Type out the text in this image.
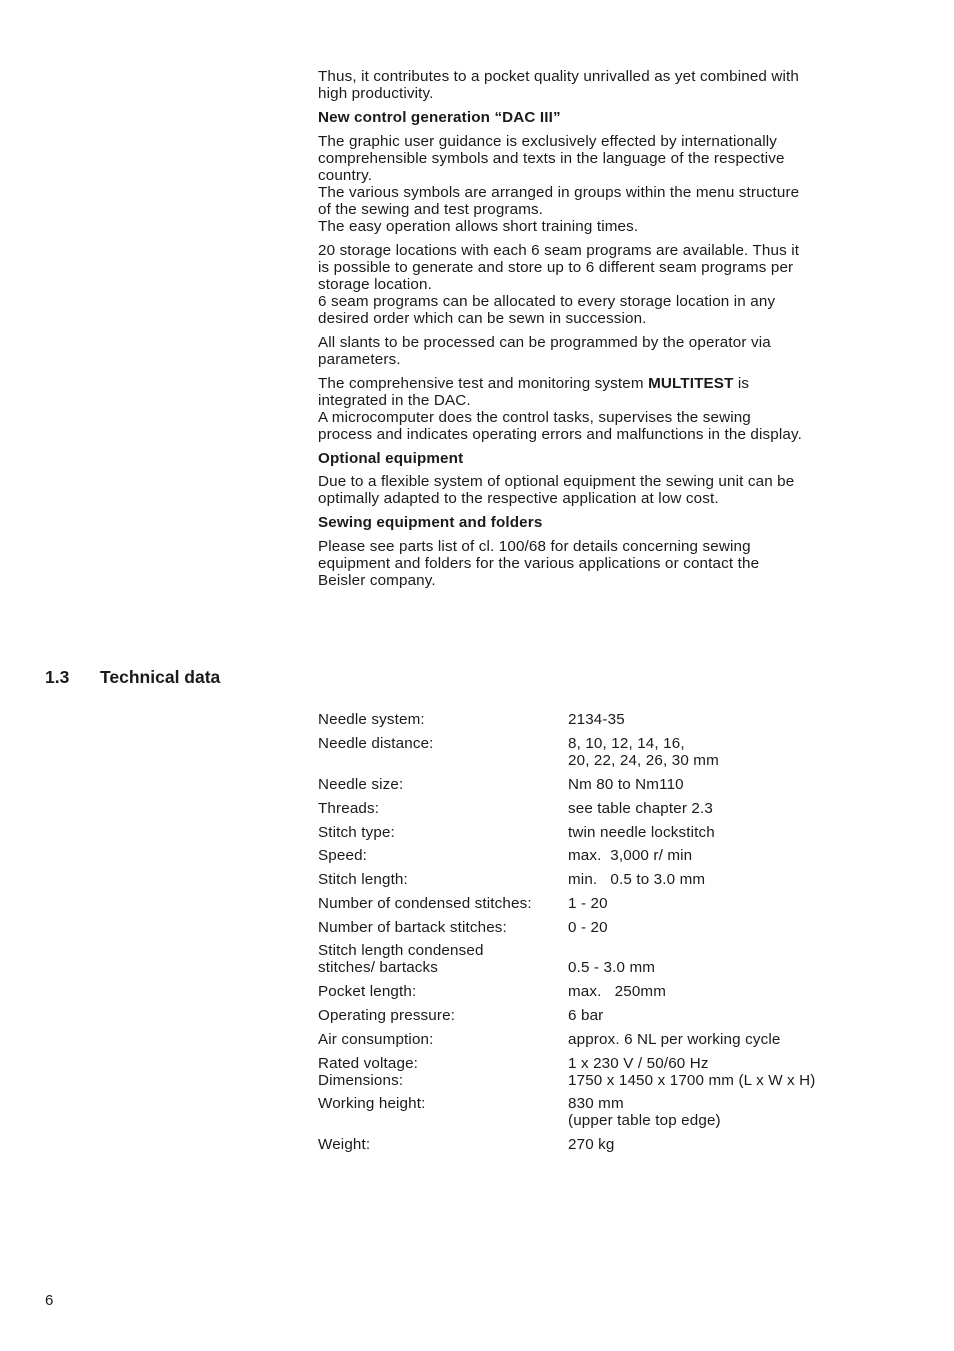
Thus, it contributes to a pocket quality unrivalled as yet combined with
high productivity.
New control generation “DAC III”
The graphic user guidance is exclusively effected by internationally
comprehensible symbols and texts in the language of the respective
country.
The various symbols are arranged in groups within the menu structure
of the sewing and test programs.
The easy operation allows short training times.
20 storage locations with each 6 seam programs are available. Thus it
is possible to generate and store up to 6 different seam programs per
storage location.
6 seam programs can be allocated to every storage location in any
desired order which can be sewn in succession.
All slants to be processed can be programmed by the operator via
parameters.
The comprehensive test and monitoring system MULTITEST is
integrated in the DAC.
A microcomputer does the control tasks, supervises the sewing
process and indicates operating errors and malfunctions in the display.
Optional equipment
Due to a flexible system of optional equipment the sewing unit can be
optimally adapted to the respective application at low cost.
Sewing equipment and folders
Please see parts list of cl. 100/68 for details concerning sewing
equipment and folders for the various applications or contact the
Beisler company.
1.3 Technical data
Needle system:	2134-35
Needle distance:	8, 10, 12, 14, 16,
20, 22, 24, 26, 30 mm
Needle size:	Nm 80 to Nm110
Threads:	see table chapter 2.3
Stitch type:	twin needle lockstitch
Speed:	max.  3,000 r/ min
Stitch length:	min.   0.5 to 3.0 mm
Number of condensed stitches: 1 - 20
Number of bartack stitches:	0 - 20
Stitch length condensed
stitches/ bartacks	0.5 - 3.0 mm
Pocket length:	max.   250mm
Operating pressure:	6 bar
Air consumption:	approx. 6 NL per working cycle
Rated voltage:	1 x 230 V / 50/60 Hz
Dimensions:	1750 x 1450 x 1700 mm (L x W x H)
Working height:	830 mm
(upper table top edge)
Weight:	270 kg
6
